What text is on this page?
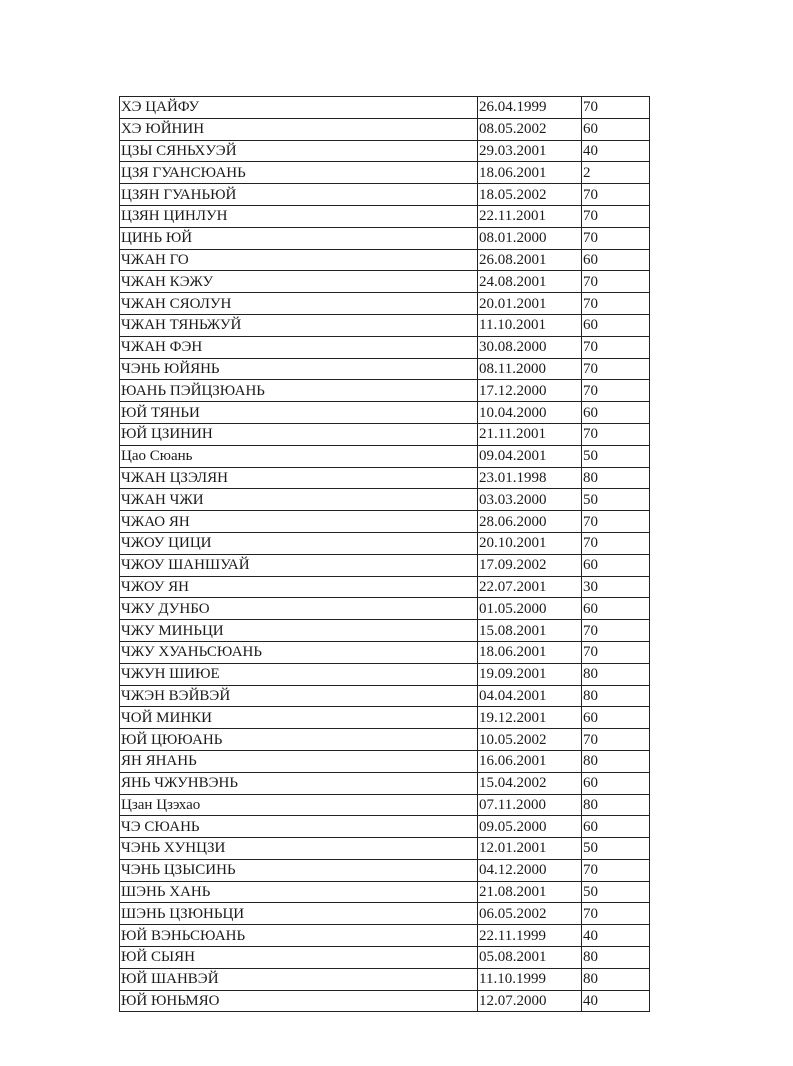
ХЭ ЦАЙФУ	26.04.1999	70
ХЭ ЮЙНИН	08.05.2002	60
ЦЗЫ СЯНЬХУЭЙ	29.03.2001	40
ЦЗЯ ГУАНСЮАНЬ	18.06.2001	2
ЦЗЯН ГУАНЬЮЙ	18.05.2002	70
ЦЗЯН ЦИНЛУН	22.11.2001	70
ЦИНЬ ЮЙ	08.01.2000	70
ЧЖАН ГО	26.08.2001	60
ЧЖАН КЭЖУ	24.08.2001	70
ЧЖАН СЯОЛУН	20.01.2001	70
ЧЖАН ТЯНЬЖУЙ	11.10.2001	60
ЧЖАН ФЭН	30.08.2000	70
ЧЭНЬ ЮЙЯНЬ	08.11.2000	70
ЮАНЬ ПЭЙЦЗЮАНЬ	17.12.2000	70
ЮЙ ТЯНЬИ	10.04.2000	60
ЮЙ ЦЗИНИН	21.11.2001	70
Цао Сюань	09.04.2001	50
ЧЖАН ЦЗЭЛЯН	23.01.1998	80
ЧЖАН ЧЖИ	03.03.2000	50
ЧЖАО ЯН	28.06.2000	70
ЧЖОУ ЦИЦИ	20.10.2001	70
ЧЖОУ ШАНШУАЙ	17.09.2002	60
ЧЖОУ ЯН	22.07.2001	30
ЧЖУ ДУНБО	01.05.2000	60
ЧЖУ МИНЬЦИ	15.08.2001	70
ЧЖУ ХУАНЬСЮАНЬ	18.06.2001	70
ЧЖУН ШИЮЕ	19.09.2001	80
ЧЖЭН ВЭЙВЭЙ	04.04.2001	80
ЧОЙ МИНКИ	19.12.2001	60
ЮЙ ЦЮЮАНЬ	10.05.2002	70
ЯН ЯНАНЬ	16.06.2001	80
ЯНЬ ЧЖУНВЭНЬ	15.04.2002	60
Цзан Цзэхао	07.11.2000	80
ЧЭ СЮАНЬ	09.05.2000	60
ЧЭНЬ ХУНЦЗИ	12.01.2001	50
ЧЭНЬ ЦЗЫСИНЬ	04.12.2000	70
ШЭНЬ ХАНЬ	21.08.2001	50
ШЭНЬ ЦЗЮНЬЦИ	06.05.2002	70
ЮЙ ВЭНЬСЮАНЬ	22.11.1999	40
ЮЙ СЫЯН	05.08.2001	80
ЮЙ ШАНВЭЙ	11.10.1999	80
ЮЙ ЮНЬМЯО	12.07.2000	40
